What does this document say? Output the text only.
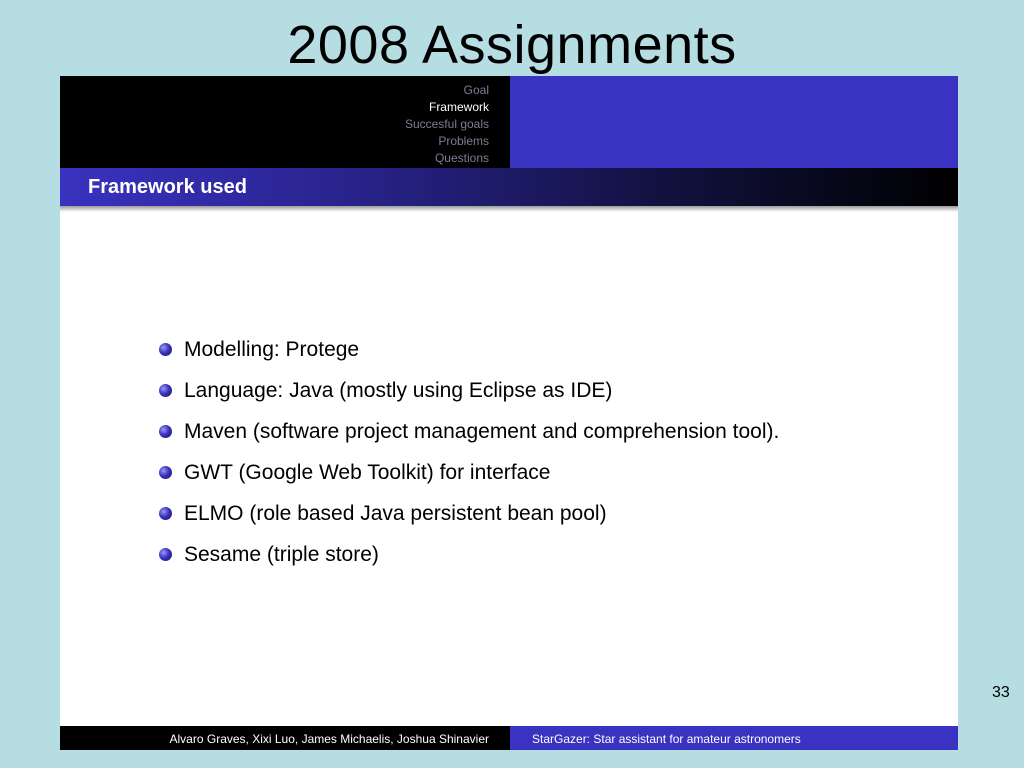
2008 Assignments
Goal
Framework
Succesful goals
Problems
Questions
Framework used
Modelling: Protege
Language: Java (mostly using Eclipse as IDE)
Maven (software project management and comprehension tool).
GWT (Google Web Toolkit) for interface
ELMO (role based Java persistent bean pool)
Sesame (triple store)
Alvaro Graves, Xixi Luo, James Michaelis, Joshua Shinavier	StarGazer: Star assistant for amateur astronomers
33
